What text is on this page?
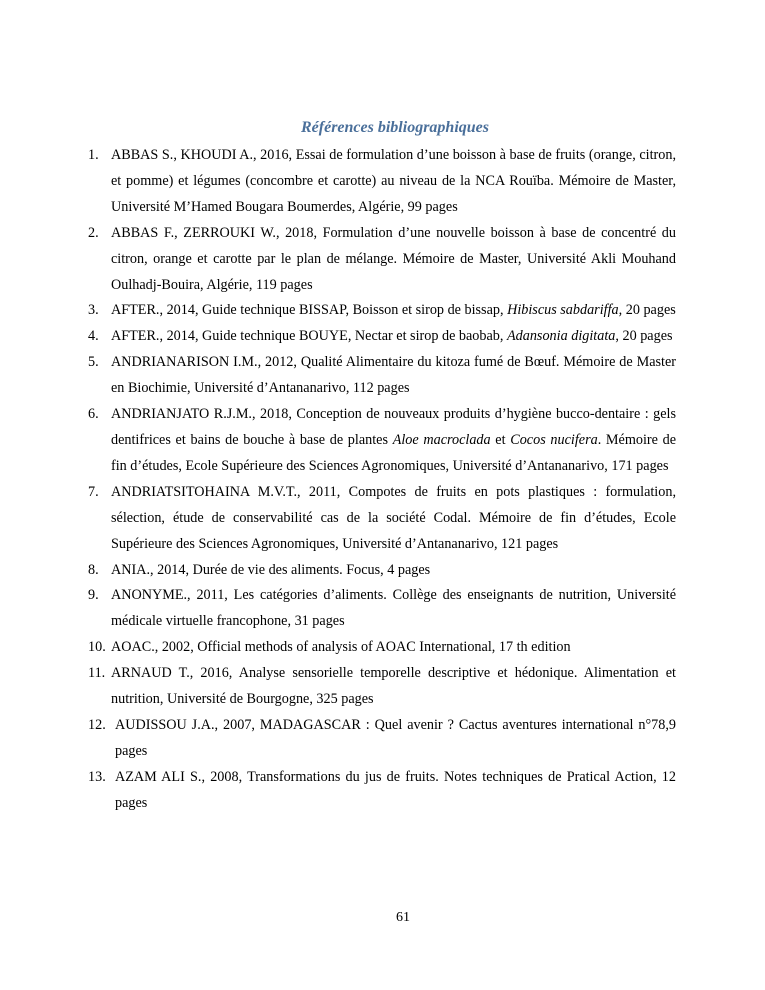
Références bibliographiques
1. ABBAS S., KHOUDI A., 2016, Essai de formulation d’une boisson à base de fruits (orange, citron, et pomme) et légumes (concombre et carotte) au niveau de la NCA Rouïba. Mémoire de Master, Université M’Hamed Bougara Boumerdes, Algérie, 99 pages
2. ABBAS F., ZERROUKI W., 2018, Formulation d’une nouvelle boisson à base de concentré du citron, orange et carotte par le plan de mélange. Mémoire de Master, Université Akli Mouhand Oulhadj-Bouira, Algérie, 119 pages
3. AFTER., 2014, Guide technique BISSAP, Boisson et sirop de bissap, Hibiscus sabdariffa, 20 pages
4. AFTER., 2014, Guide technique BOUYE, Nectar et sirop de baobab, Adansonia digitata, 20 pages
5. ANDRIANARISON I.M., 2012, Qualité Alimentaire du kitoza fumé de Bœuf. Mémoire de Master en Biochimie, Université d’Antananarivo, 112 pages
6. ANDRIANJATO R.J.M., 2018, Conception de nouveaux produits d’hygiène bucco-dentaire : gels dentifrices et bains de bouche à base de plantes Aloe macroclada et Cocos nucifera. Mémoire de fin d’études, Ecole Supérieure des Sciences Agronomiques, Université d’Antananarivo, 171 pages
7. ANDRIATSITOHAINA M.V.T., 2011, Compotes de fruits en pots plastiques : formulation, sélection, étude de conservabilité cas de la société Codal. Mémoire de fin d’études, Ecole Supérieure des Sciences Agronomiques, Université d’Antananarivo, 121 pages
8. ANIA., 2014, Durée de vie des aliments. Focus, 4 pages
9. ANONYME., 2011, Les catégories d’aliments. Collège des enseignants de nutrition, Université médicale virtuelle francophone, 31 pages
10. AOAC., 2002, Official methods of analysis of AOAC International, 17 th edition
11. ARNAUD T., 2016, Analyse sensorielle temporelle descriptive et hédonique. Alimentation et nutrition, Université de Bourgogne, 325 pages
12. AUDISSOU J.A., 2007, MADAGASCAR : Quel avenir ? Cactus aventures international n°78,9 pages
13. AZAM ALI S., 2008, Transformations du jus de fruits. Notes techniques de Pratical Action, 12 pages
61
